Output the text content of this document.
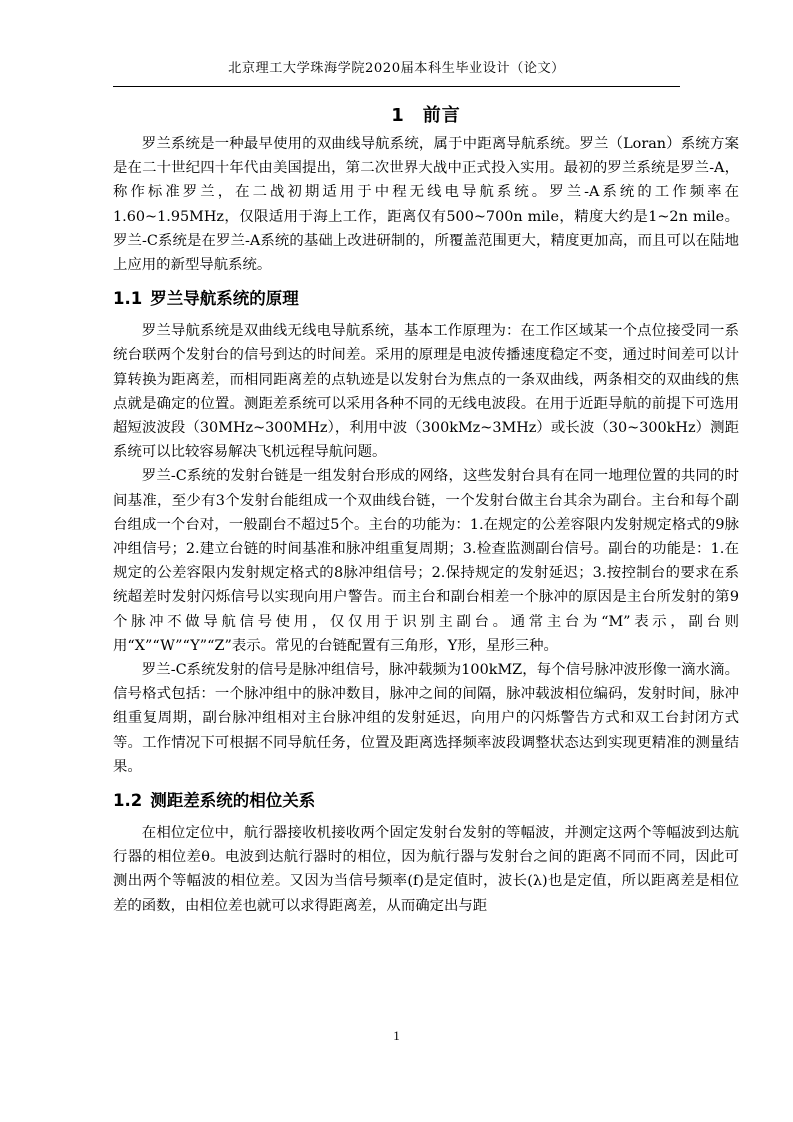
北京理工大学珠海学院2020届本科生毕业设计（论文）
1 前言

罗兰系统是一种最早使用的双曲线导航系统，属于中距离导航系统。罗兰（Loran）系统方案是在二十世纪四十年代由美国提出，第二次世界大战中正式投入实用。最初的罗兰系统是罗兰-A，称作标准罗兰，在二战初期适用于中程无线电导航系统。罗兰-A系统的工作频率在1.60~1.95MHz，仅限适用于海上工作，距离仅有500~700n mile，精度大约是1~2n mile。罗兰-C系统是在罗兰-A系统的基础上改进研制的，所覆盖范围更大，精度更加高，而且可以在陆地上应用的新型导航系统。

1.1 罗兰导航系统的原理

罗兰导航系统是双曲线无线电导航系统，基本工作原理为：在工作区域某一个点位接受同一系统台联两个发射台的信号到达的时间差。采用的原理是电波传播速度稳定不变，通过时间差可以计算转换为距离差，而相同距离差的点轨迹是以发射台为焦点的一条双曲线，两条相交的双曲线的焦点就是确定的位置。测距差系统可以采用各种不同的无线电波段。在用于近距导航的前提下可选用超短波波段（30MHz~300MHz），利用中波（300kMz~3MHz）或长波（30~300kHz）测距系统可以比较容易解决飞机远程导航问题。

罗兰-C系统的发射台链是一组发射台形成的网络，这些发射台具有在同一地理位置的共同的时间基准，至少有3个发射台能组成一个双曲线台链，一个发射台做主台其余为副台。主台和每个副台组成一个台对，一般副台不超过5个。主台的功能为：1.在规定的公差容限内发射规定格式的9脉冲组信号；2.建立台链的时间基准和脉冲组重复周期；3.检查监测副台信号。副台的功能是：1.在规定的公差容限内发射规定格式的8脉冲组信号；2.保持规定的发射延迟；3.按控制台的要求在系统超差时发射闪烁信号以实现向用户警告。而主台和副台相差一个脉冲的原因是主台所发射的第9个脉冲不做导航信号使用，仅仅用于识别主副台。通常主台为“M”表示，副台则用“X”“W”“Y”“Z”表示。常见的台链配置有三角形，Y形，星形三种。

罗兰-C系统发射的信号是脉冲组信号，脉冲载频为100kMZ，每个信号脉冲波形像一滴水滴。信号格式包括：一个脉冲组中的脉冲数目，脉冲之间的间隔，脉冲载波相位编码，发射时间，脉冲组重复周期，副台脉冲组相对主台脉冲组的发射延迟，向用户的闪烁警告方式和双工台封闭方式等。工作情况下可根据不同导航任务，位置及距离选择频率波段调整状态达到实现更精准的测量结果。

1.2 测距差系统的相位关系

在相位定位中，航行器接收机接收两个固定发射台发射的等幅波，并测定这两个等幅波到达航行器的相位差θ。电波到达航行器时的相位，因为航行器与发射台之间的距离不同而不同，因此可测出两个等幅波的相位差。又因为当信号频率(f)是定值时，波长(λ)也是定值，所以距离差是相位差的函数，由相位差也就可以求得距离差，从而确定出与距

1
